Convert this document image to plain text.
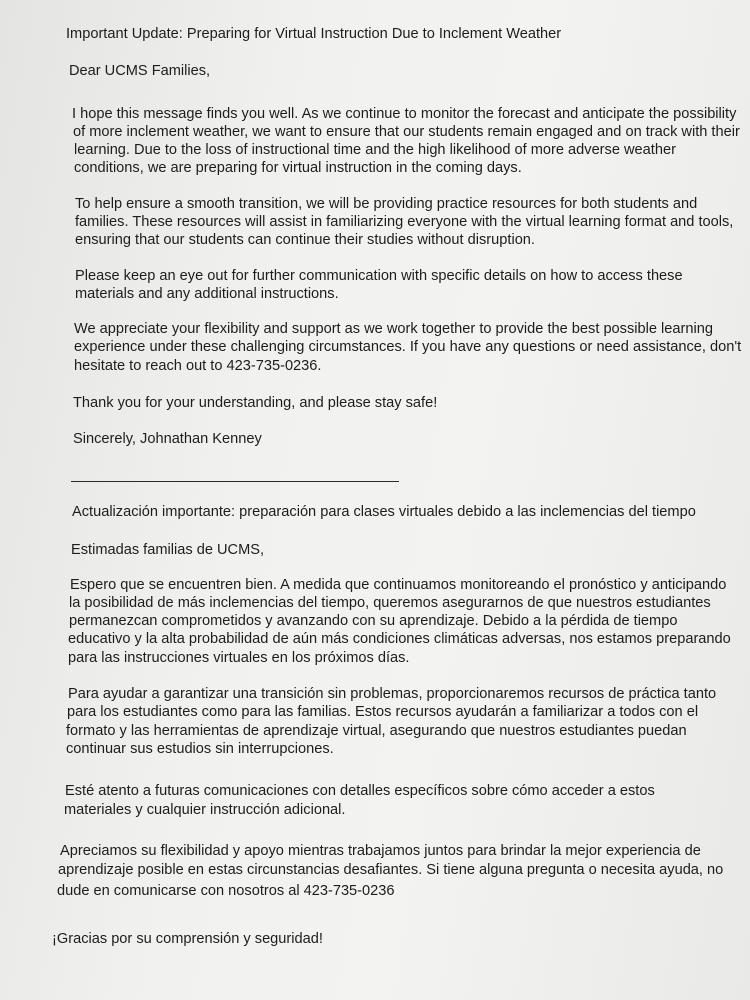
Important Update: Preparing for Virtual Instruction Due to Inclement Weather
Dear UCMS Families,
I hope this message finds you well. As we continue to monitor the forecast and anticipate the possibility
of more inclement weather, we want to ensure that our students remain engaged and on track with their
learning. Due to the loss of instructional time and the high likelihood of more adverse weather
conditions, we are preparing for virtual instruction in the coming days.
To help ensure a smooth transition, we will be providing practice resources for both students and
families. These resources will assist in familiarizing everyone with the virtual learning format and tools,
ensuring that our students can continue their studies without disruption.
Please keep an eye out for further communication with specific details on how to access these
materials and any additional instructions.
We appreciate your flexibility and support as we work together to provide the best possible learning
experience under these challenging circumstances. If you have any questions or need assistance, don't
hesitate to reach out to 423-735-0236.
Thank you for your understanding, and please stay safe!
Sincerely, Johnathan Kenney
Actualización importante: preparación para clases virtuales debido a las inclemencias del tiempo
Estimadas familias de UCMS,
Espero que se encuentren bien. A medida que continuamos monitoreando el pronóstico y anticipando
la posibilidad de más inclemencias del tiempo, queremos asegurarnos de que nuestros estudiantes
permanezcan comprometidos y avanzando con su aprendizaje. Debido a la pérdida de tiempo
educativo y la alta probabilidad de aún más condiciones climáticas adversas, nos estamos preparando
para las instrucciones virtuales en los próximos días.
Para ayudar a garantizar una transición sin problemas, proporcionaremos recursos de práctica tanto
para los estudiantes como para las familias. Estos recursos ayudarán a familiarizar a todos con el
formato y las herramientas de aprendizaje virtual, asegurando que nuestros estudiantes puedan
continuar sus estudios sin interrupciones.
Esté atento a futuras comunicaciones con detalles específicos sobre cómo acceder a estos
materiales y cualquier instrucción adicional.
Apreciamos su flexibilidad y apoyo mientras trabajamos juntos para brindar la mejor experiencia de
aprendizaje posible en estas circunstancias desafiantes. Si tiene alguna pregunta o necesita ayuda, no
dude en comunicarse con nosotros al 423-735-0236
¡Gracias por su comprensión y seguridad!
